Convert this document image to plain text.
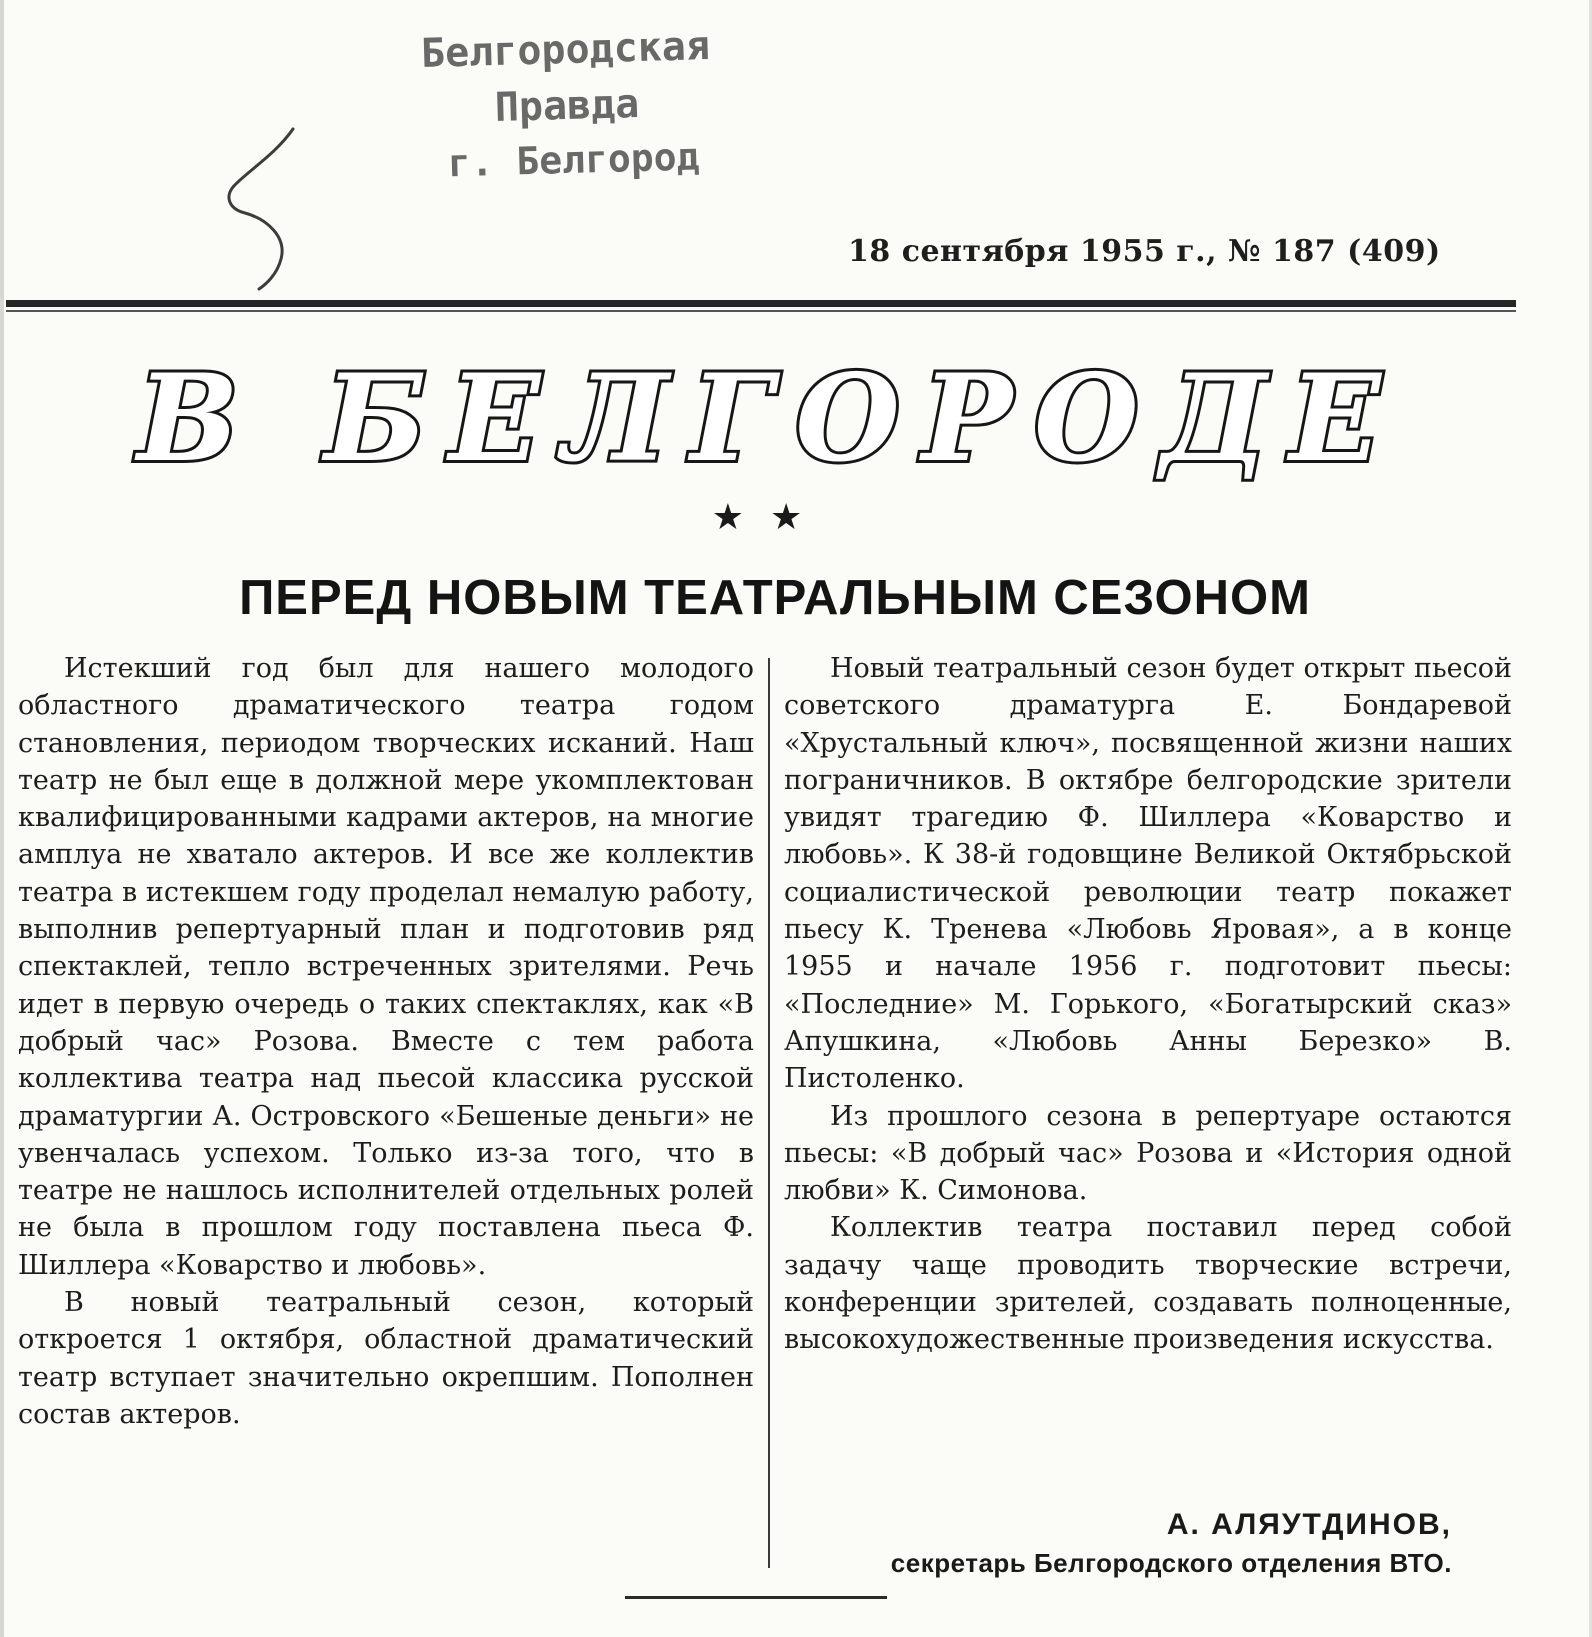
Белгородская Правда
г. Белгород
18 сентября 1955 г., № 187 (409)
В БЕЛГОРОДЕ
★★
ПЕРЕД НОВЫМ ТЕАТРАЛЬНЫМ СЕЗОНОМ

Истекший год был для нашего молодого областного драматического театра годом становления, периодом творческих исканий. Наш театр не был еще в должной мере укомплектован квалифицированными кадрами актеров, на многие амплуа не хватало актеров. И все же коллектив театра в истекшем году проделал немалую работу, выполнив репертуарный план и подготовив ряд спектаклей, тепло встреченных зрителями. Речь идет в первую очередь о таких спектаклях, как «В добрый час» Розова. Вместе с тем работа коллектива театра над пьесой классика русской драматургии А. Островского «Бешеные деньги» не увенчалась успехом. Только из-за того, что в театре не нашлось исполнителей отдельных ролей не была в прошлом году поставлена пьеса Ф. Шиллера «Коварство и любовь».

В новый театральный сезон, который откроется 1 октября, областной драматический театр вступает значительно окрепшим. Пополнен состав актеров.

Новый театральный сезон будет открыт пьесой советского драматурга Е. Бондаревой «Хрустальный ключ», посвященной жизни наших пограничников. В октябре белгородские зрители увидят трагедию Ф. Шиллера «Коварство и любовь». К 38-й годовщине Великой Октябрьской социалистической революции театр покажет пьесу К. Тренева «Любовь Яровая», а в конце 1955 и начале 1956 г. подготовит пьесы: «Последние» М. Горького, «Богатырский сказ» Апушкина, «Любовь Анны Березко» В. Пистоленко.

Из прошлого сезона в репертуаре остаются пьесы: «В добрый час» Розова и «История одной любви» К. Симонова.

Коллектив театра поставил перед собой задачу чаще проводить творческие встречи, конференции зрителей, создавать полноценные, высокохудожественные произведения искусства.

А. АЛЯУТДИНОВ,
секретарь Белгородского отделения ВТО.
